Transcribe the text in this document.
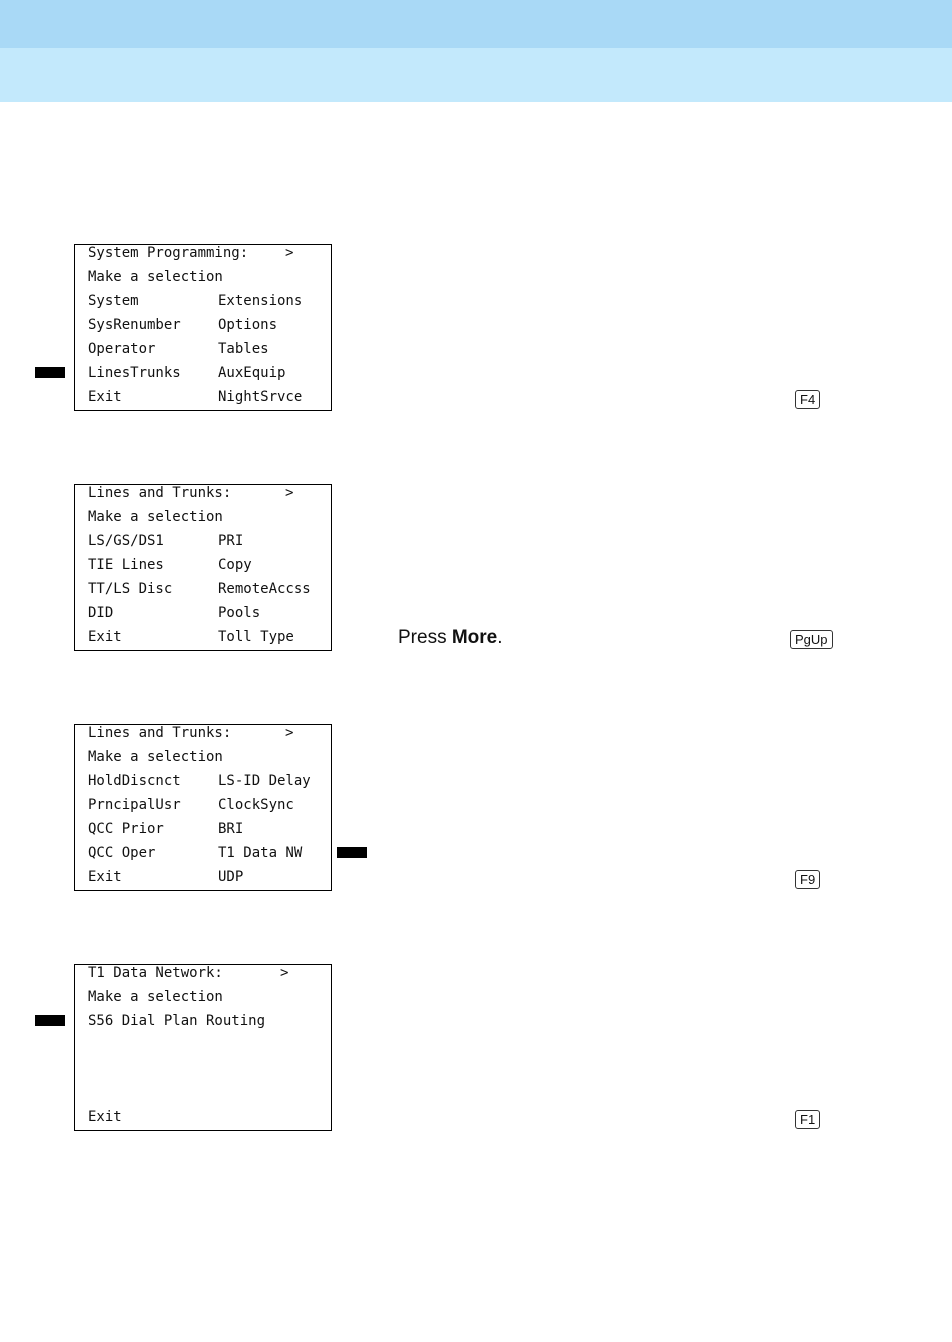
System Programming:	>
Make a selection
System	Extensions
SysRenumber	Options
Operator	Tables
LinesTrunks	AuxEquip
Exit	NightSrvce	F4
Lines and Trunks:	>
Make a selection
LS/GS/DS1	PRI
TIE Lines	Copy
TT/LS Disc	RemoteAccss
DID	Pools
Exit	Toll Type	Press More.	PgUp
Lines and Trunks:	>
Make a selection
HoldDiscnct	LS-ID Delay
PrncipalUsr	ClockSync
QCC Prior	BRI
QCC Oper	T1 Data NW
Exit	UDP	F9
T1 Data Network:	>
Make a selection
S56 Dial Plan Routing
Exit	F1
